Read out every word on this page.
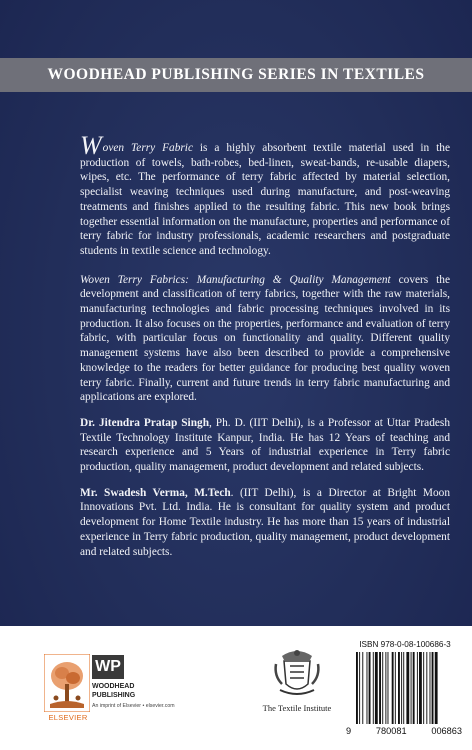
WOODHEAD PUBLISHING SERIES IN TEXTILES

Woven Terry Fabric is a highly absorbent textile material used in the production of towels, bath-robes, bed-linen, sweat-bands, re-usable diapers, wipes, etc. The performance of terry fabric affected by material selection, specialist weaving techniques used during manufacture, and post-weaving treatments and finishes applied to the resulting fabric. This new book brings together essential information on the manufacture, properties and performance of terry fabric for industry professionals, academic researchers and postgraduate students in textile science and technology.

Woven Terry Fabrics: Manufacturing & Quality Management covers the development and classification of terry fabrics, together with the raw materials, manufacturing technologies and fabric processing techniques involved in its production. It also focuses on the properties, performance and evaluation of terry fabric, with particular focus on functionality and quality. Different quality management systems have also been described to provide a comprehensive knowledge to the readers for better guidance for producing best quality woven terry fabric. Finally, current and future trends in terry fabric manufacturing and applications are explored.

Dr. Jitendra Pratap Singh, Ph. D. (IIT Delhi), is a Professor at Uttar Pradesh Textile Technology Institute Kanpur, India. He has 12 Years of teaching and research experience and 5 Years of industrial experience in Terry fabric production, quality management, product development and related subjects.

Mr. Swadesh Verma, M.Tech. (IIT Delhi), is a Director at Bright Moon Innovations Pvt. Ltd. India. He is consultant for quality system and product development for Home Textile industry. He has more than 15 years of industrial experience in Terry fabric production, quality management, product development and related subjects.

ELSEVIER
WP
WOODHEAD
PUBLISHING
An imprint of Elsevier • elsevier.com	The Textile Institute
ISBN 978-0-08-100686-3
9	780081	006863
